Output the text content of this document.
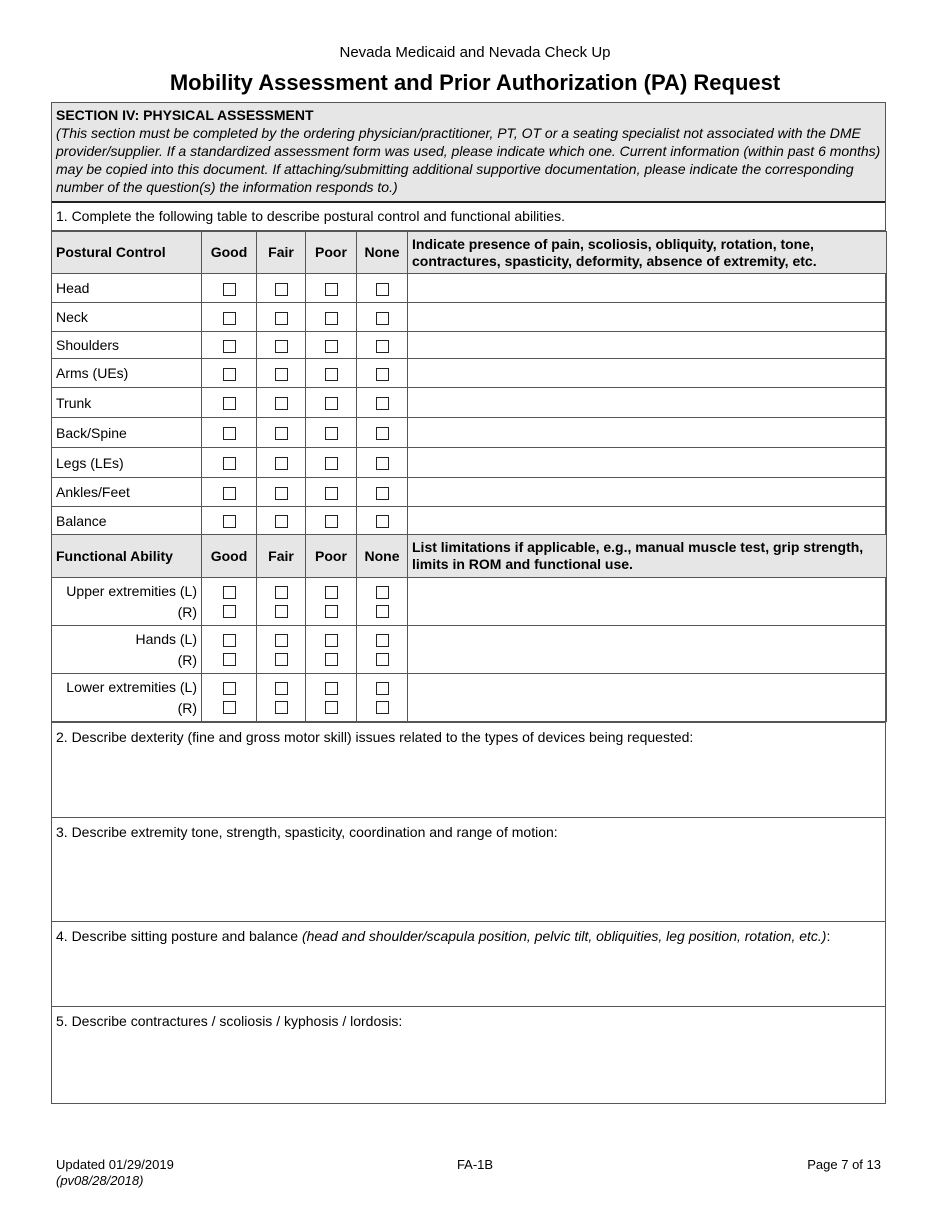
Nevada Medicaid and Nevada Check Up
Mobility Assessment and Prior Authorization (PA) Request
SECTION IV: PHYSICAL ASSESSMENT
(This section must be completed by the ordering physician/practitioner, PT, OT or a seating specialist not associated with the DME provider/supplier. If a standardized assessment form was used, please indicate which one. Current information (within past 6 months) may be copied into this document. If attaching/submitting additional supportive documentation, please indicate the corresponding number of the question(s) the information responds to.)
1. Complete the following table to describe postural control and functional abilities.
Postural Control	Good	Fair	Poor	None	Indicate presence of pain, scoliosis, obliquity, rotation, tone, contractures, spasticity, deformity, absence of extremity, etc.
Head					
Neck					
Shoulders					
Arms (UEs)					
Trunk					
Back/Spine					
Legs (LEs)					
Ankles/Feet					
Balance					
Functional Ability	Good	Fair	Poor	None	List limitations if applicable, e.g., manual muscle test, grip strength, limits in ROM and functional use.

Upper extremities (L)
(R)					

Hands (L)
(R)					

Lower extremities (L)
(R)					

2. Describe dexterity (fine and gross motor skill) issues related to the types of devices being requested:
3. Describe extremity tone, strength, spasticity, coordination and range of motion:
4. Describe sitting posture and balance (head and shoulder/scapula position, pelvic tilt, obliquities, leg position, rotation, etc.):
5. Describe contractures / scoliosis / kyphosis / lordosis:
Updated 01/29/2019
(pv08/28/2018)
FA-1B	Page 7 of 13
